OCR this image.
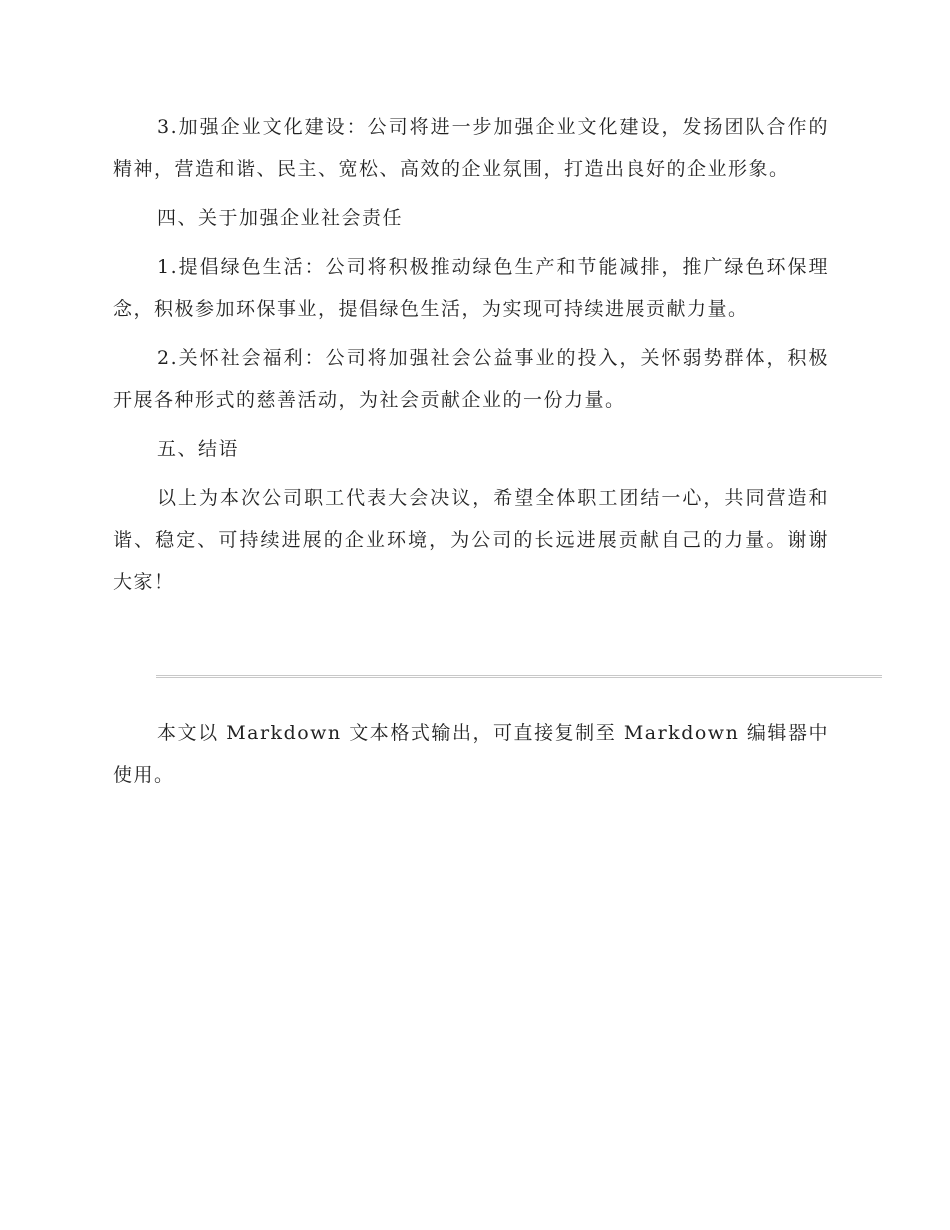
3.加强企业文化建设：公司将进一步加强企业文化建设，发扬团队合作的精神，营造和谐、民主、宽松、高效的企业氛围，打造出良好的企业形象。

四、关于加强企业社会责任

1.提倡绿色生活：公司将积极推动绿色生产和节能减排，推广绿色环保理念，积极参加环保事业，提倡绿色生活，为实现可持续进展贡献力量。

2.关怀社会福利：公司将加强社会公益事业的投入，关怀弱势群体，积极开展各种形式的慈善活动，为社会贡献企业的一份力量。

五、结语

以上为本次公司职工代表大会决议，希望全体职工团结一心，共同营造和谐、稳定、可持续进展的企业环境，为公司的长远进展贡献自己的力量。谢谢大家！

本文以 Markdown 文本格式输出，可直接复制至 Markdown 编辑器中使用。
